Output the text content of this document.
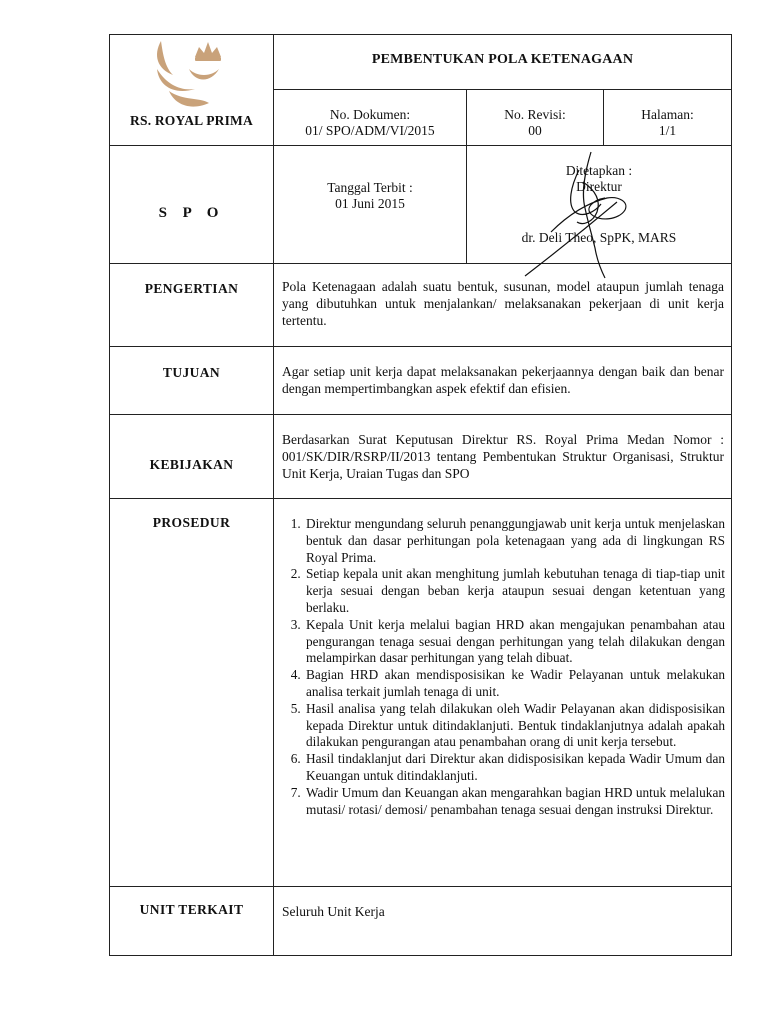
RS. ROYAL PRIMA
PEMBENTUKAN POLA KETENAGAAN
No. Dokumen:
01/ SPO/ADM/VI/2015
No. Revisi:
00
Halaman:
1/1
S P O
Tanggal Terbit :
01 Juni 2015
Ditetapkan :
Direktur
dr. Deli Theo, SpPK, MARS
PENGERTIAN	Pola Ketenagaan adalah suatu bentuk, susunan, model ataupun jumlah tenaga yang dibutuhkan untuk menjalankan/ melaksanakan pekerjaan di unit kerja tertentu.
TUJUAN	Agar setiap unit kerja dapat melaksanakan pekerjaannya dengan baik dan benar dengan mempertimbangkan aspek efektif dan efisien.
KEBIJAKAN
Berdasarkan Surat Keputusan Direktur RS. Royal Prima Medan Nomor : 001/SK/DIR/RSRP/II/2013 tentang Pembentukan Struktur Organisasi, Struktur Unit Kerja, Uraian Tugas dan SPO
PROSEDUR
1.	Direktur mengundang seluruh penanggungjawab unit kerja untuk menjelaskan bentuk dan dasar perhitungan pola ketenagaan yang ada di lingkungan RS Royal Prima.
2. Setiap kepala unit akan menghitung jumlah kebutuhan tenaga di tiap-tiap unit kerja sesuai dengan beban kerja ataupun sesuai dengan ketentuan yang berlaku.
3. Kepala Unit kerja melalui bagian HRD akan mengajukan penambahan atau pengurangan tenaga sesuai dengan perhitungan yang telah dilakukan dengan melampirkan dasar perhitungan yang telah dibuat.
4. Bagian HRD akan mendisposisikan ke Wadir Pelayanan untuk melakukan analisa terkait jumlah tenaga di unit.
5. Hasil analisa yang telah dilakukan oleh Wadir Pelayanan akan didisposisikan kepada Direktur untuk ditindaklanjuti. Bentuk tindaklanjutnya adalah apakah dilakukan pengurangan atau penambahan orang di unit kerja tersebut.
6. Hasil tindaklanjut dari Direktur akan didisposisikan kepada Wadir Umum dan Keuangan untuk ditindaklanjuti.
7. Wadir Umum dan Keuangan akan mengarahkan bagian HRD untuk melalukan mutasi/ rotasi/ demosi/ penambahan tenaga sesuai dengan instruksi Direktur.
UNIT TERKAIT	Seluruh Unit Kerja
